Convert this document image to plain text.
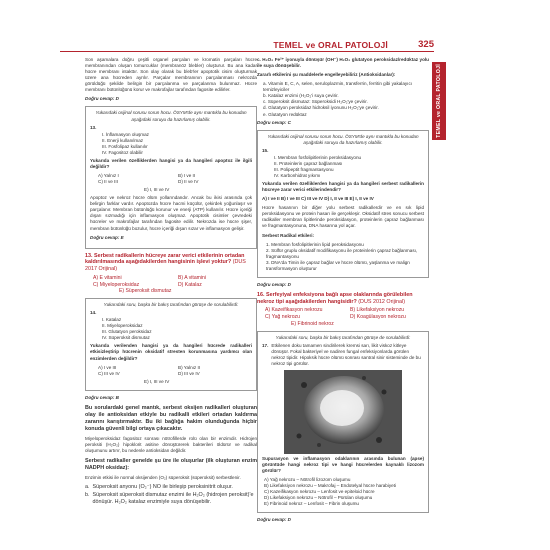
TEMEL ve ORAL PATOLOJİ	325
TEMEL ve ORAL PATOLOJİ

Son aşamalara doğru çeşitli organel parçaları ve kromatin parçaları hücre membranından oluşan tomurcuklar (membranöz blebler) oluşturur. Bu ana kadar hücre membranı intakttır. Son olay olarak bu bleb'ler apoptotik cisim oluşturmak üzere ana hücreden ayrılır. Parçalar membranının parçalanması nekrozda görüldüğü şekilde belirgin bir parçalanma ve parçalanma bulunmaz. Hücre membranı bütünlüğünü korur ve makrofajlar tarafından fagosite edilirler.

Doğru cevap: D
Yukarıdaki orijinal sorusu sorun hocu. ÖSYM'de aynı mantıkla bu konudan aşağıdaki soruyu da hazırlamış olabilir.
13.
I. İnflamasyon oluşmaz
II. Enerji kullanılmaz
III. Fosfolipaz kullanılır
IV. Fagositoz olabilir

Yukarıda verilen özelliklerden hangisi ya da hangileri apoptoz ile ilgili değildir?

A) Yalnız I	B) I ve II
C) II ve III	D) II ve IV
E) I, III ve IV

Apoptoz ve nekroz hücre ölüm yollarındandır. Ancak bu ikisi arasında çok belirgin farklar vardır. Apoptozda hücre hacmi küçülür, çekirdek yoğunlaşır ve parçalanır. Membran bütünlüğü korunur ve enerji (ATP) kullanılır. Hücre içeriği dışarı sızmadığı için inflamasyon oluşmaz. Apoptotik cisimler çevredeki hücreler ve makrofajlar tarafından fagosite edilir. Nekrozda ise hücre şişer, membran bütünlüğü bozulur, hücre içeriği dışarı sızar ve inflamasyon gelişir.

Doğru cevap: E
13. Serbest radikallerin hücreye zarar verici etkilerinin ortadan kaldırılmasında aşağıdakilerden hangisinin işlevi yoktur? (DUS 2017 Orijinal)
A) E vitamini	B) A vitamini
C) Miyeloperoksidaz	D) Katalaz
E) Süperoksit dismutaz
Yukarıdaki soru, başka bir bakış tarafından görüşe de sorulabilirdi:
14.
I. Katalaz
II. Miyeloperoksidaz
III. Glutatyon peroksidaz
IV. Süperoksit dismutaz

Yukarıda verilenden hangisi ya da hangileri hücrede radikalleri etkisizleştirip hücrenin oksidatif stresten korunmasına yardımcı olan enzimlerden değildir?

A) I ve III	B) Yalnız II
C) III ve IV	D) III ve IV
E) I, III ve IV
Doğru cevap: B

Bu sorulardaki genel mantık, serbest oksijen radikalleri oluşturan olay ile antioksidan etkiyle bu radikalli etkileri ortadan kaldırma zararını karıştırmaktır. Bu iki bağlığa hakim olunduğunda hiçbir konuda güvenli bilgi ortaya çıkacaktır.

Miyeloperoksidaz fagositoz sonrası nötrofillerde rolü olan bir enzimdir. Hidrojen peroksiti (H₂O₂) hipoklorit asitine dönüştürerek bakterileri öldürür ve radikal oluşumunu artırır, bu nedenle antioksidan değildir.

Serbest radikaller genelde şu üre ile oluşurlar (ilk oluşturan enzim NADPH oksidaz):

Enzimin etkisi ile normal oksijenden (O₂) süperoksit (süperoksit) serbestlenir.

a. Süperoksit anyonu (O₂⁻) NO ile birleşip peroksinitrit oluşur.
b. Süperoksit süperoksit dismutaz enzimi ile H₂O₂ (hidrojen peroksit)'e dönüşür. H₂O₂ katalaz enzimiyle suya dönüşebilir.

c. H₂O₂ Fe²⁺ iyonuyla dönüşür (OH⁻) H₂O₂ glutatyon peroksidaz/redüktaz yolu ile suya dönüşebilir.

Zararlı etkilerini şu maddelerle engelleyebiliriz (Antioksidanlar):

a. Vitamin E, C, A, selen, seruloplazmin, transferrin, ferritin gibi yakalayıcı temizleyiciler
b. Katalaz enzimi (H₂O₂'i suya çevirir.
c. Süperoksit dismutaz: Süperoksidi H₂O₂'ye çevirir.
d. Glutatyon peroksidaz hidroksil iyonunu H₂O₂'ye çevirir.
e. Glutatyon redüktaz
Doğru cevap: C
Yukarıdaki orijinal sorusu sorun hocu. ÖSYM'de aynı mantıkla bu konudan aşağıdaki soruyu da hazırlamış olabilir.
15.
I. Membran fosfolipitlerinin peroksidasyonu
II. Proteinlerin çapraz bağlanması
III. Polipeptit fragmantasyonu
IV. Karbonhidrat yıkımı

Yukarıda verilen özelliklerden hangisi ya da hangileri serbest radikallerin hücreye zarar verici etkilerindendir?

A) I ve II B) I ve III C) III ve IV D) I, II ve III E) I, II ve IV

Hücre hasarının bir diğer yolu serbest radikallerdir ve en sık lipid peroksidasyonu ve protein hasarı ile gerçekleşir. Oksidatif stres sonucu serbest radikaller membran lipitlerinde peroksidasyon, proteinlerin çapraz bağlanması ve fragmantasyonuna, DNA hasarına yol açar.

Serbest Radikal etkileri:

1. Membran fosfolipitlerinin lipid peroksidasyonu
2. Sülfür gruplu oksidatif modifikasyonu ile proteinlerin çapraz bağlanması, fragmantasyonu
3. DNA'da Timin ile çapraz bağlar ve hücre ölümü, yaşlanma ve malign transformasyon oluşturur
Doğru cevap: D
16. Serfeyiyal enfeksiyona bağlı apse olaklarında görülebilen nekroz tipi aşağıdakilerden hangisidir? (DUS 2012 Orijinal)
A) Kazeifikasyon nekrozu	B) Likefaksiyon nekrozu
C) Yağ nekrozu	D) Koagülasyon nekrozu
E) Fibrinoid nekroz
Yukarıdaki soru, başka bir bakış tarafından görüşe de sorulabilirdi:
17. Etkilenen doku tamamen sindirilerek kremsi sarı, likit viskoz kitleye dönüşür. Fokal bakteriyel ve nadiren fungal enfeksiyonlarda görülen nekroz tipidir. Hipoksik hücre ölümü sonrası santral sinir sisteminde de bu nekroz tipi görülür.

Supurasyon ve inflamasyon odaklarının arasında bulunan (apse) görüntüde hangi nekroz tipi ve hangi hücrelerden kaynaklı lizozom görülür?

A) Yağ nekrozu – Nötrofil lizozom oluşumu
B) Likefaksiyon nekrozu – Makrofaj – Endotelyal hücre harabiyeti
C) Kazeifikasyon nekrozu – Lenfosit ve epiteloid hücre
D) Likefaksiyon nekrozu – Nötrofil – Pürülan oluşumu
E) Fibrinoid nekroz – Lenfosit – Fibrin oluşumu
Doğru cevap: D
